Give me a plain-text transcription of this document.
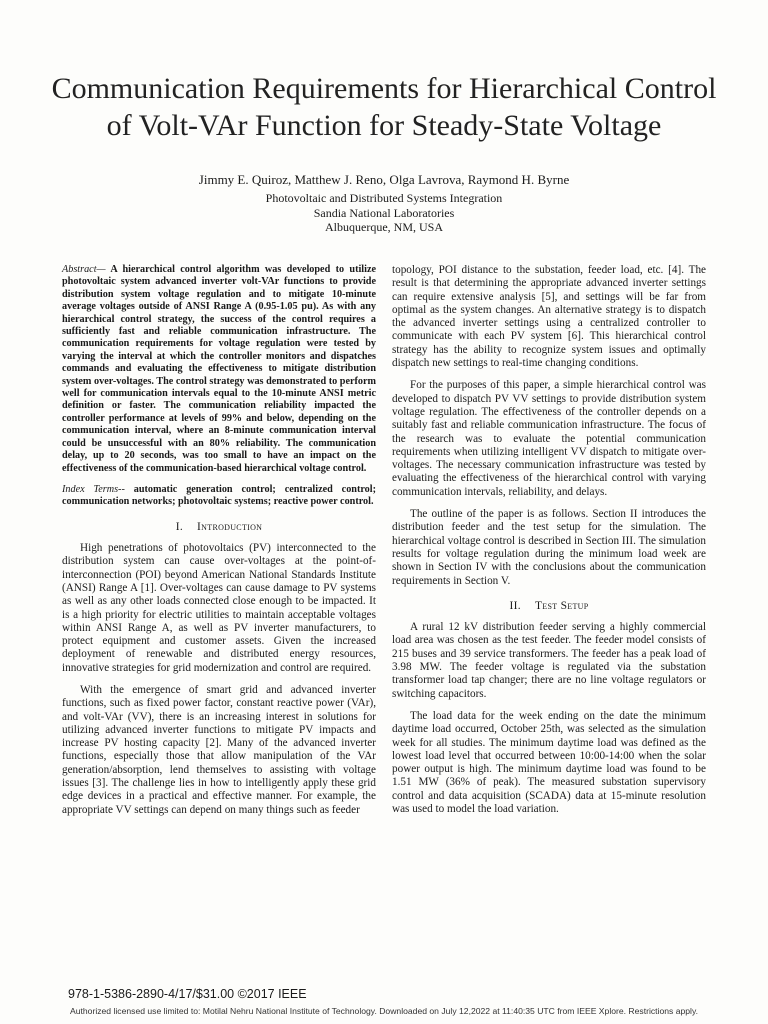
Communication Requirements for Hierarchical Control
of Volt-VAr Function for Steady-State Voltage
Jimmy E. Quiroz, Matthew J. Reno, Olga Lavrova, Raymond H. Byrne
Photovoltaic and Distributed Systems Integration
Sandia National Laboratories
Albuquerque, NM, USA

Abstract— A hierarchical control algorithm was developed to utilize photovoltaic system advanced inverter volt-VAr functions to provide distribution system voltage regulation and to mitigate 10-minute average voltages outside of ANSI Range A (0.95-1.05 pu). As with any hierarchical control strategy, the success of the control requires a sufficiently fast and reliable communication infrastructure. The communication requirements for voltage regulation were tested by varying the interval at which the controller monitors and dispatches commands and evaluating the effectiveness to mitigate distribution system over-voltages. The control strategy was demonstrated to perform well for communication intervals equal to the 10-minute ANSI metric definition or faster. The communication reliability impacted the controller performance at levels of 99% and below, depending on the communication interval, where an 8-minute communication interval could be unsuccessful with an 80% reliability. The communication delay, up to 20 seconds, was too small to have an impact on the effectiveness of the communication-based hierarchical voltage control.

Index Terms-- automatic generation control; centralized control; communication networks; photovoltaic systems; reactive power control.

I. Introduction

High penetrations of photovoltaics (PV) interconnected to the distribution system can cause over-voltages at the point-of-interconnection (POI) beyond American National Standards Institute (ANSI) Range A [1]. Over-voltages can cause damage to PV systems as well as any other loads connected close enough to be impacted. It is a high priority for electric utilities to maintain acceptable voltages within ANSI Range A, as well as PV inverter manufacturers, to protect equipment and customer assets. Given the increased deployment of renewable and distributed energy resources, innovative strategies for grid modernization and control are required.

With the emergence of smart grid and advanced inverter functions, such as fixed power factor, constant reactive power (VAr), and volt-VAr (VV), there is an increasing interest in solutions for utilizing advanced inverter functions to mitigate PV impacts and increase PV hosting capacity [2]. Many of the advanced inverter functions, especially those that allow manipulation of the VAr generation/absorption, lend themselves to assisting with voltage issues [3]. The challenge lies in how to intelligently apply these grid edge devices in a practical and effective manner. For example, the appropriate VV settings can depend on many things such as feeder

topology, POI distance to the substation, feeder load, etc. [4]. The result is that determining the appropriate advanced inverter settings can require extensive analysis [5], and settings will be far from optimal as the system changes. An alternative strategy is to dispatch the advanced inverter settings using a centralized controller to communicate with each PV system [6]. This hierarchical control strategy has the ability to recognize system issues and optimally dispatch new settings to real-time changing conditions.

For the purposes of this paper, a simple hierarchical control was developed to dispatch PV VV settings to provide distribution system voltage regulation. The effectiveness of the controller depends on a suitably fast and reliable communication infrastructure. The focus of the research was to evaluate the potential communication requirements when utilizing intelligent VV dispatch to mitigate over-voltages. The necessary communication infrastructure was tested by evaluating the effectiveness of the hierarchical control with varying communication intervals, reliability, and delays.

The outline of the paper is as follows. Section II introduces the distribution feeder and the test setup for the simulation. The hierarchical voltage control is described in Section III. The simulation results for voltage regulation during the minimum load week are shown in Section IV with the conclusions about the communication requirements in Section V.

II. Test Setup

A rural 12 kV distribution feeder serving a highly commercial load area was chosen as the test feeder. The feeder model consists of 215 buses and 39 service transformers. The feeder has a peak load of 3.98 MW. The feeder voltage is regulated via the substation transformer load tap changer; there are no line voltage regulators or switching capacitors.

The load data for the week ending on the date the minimum daytime load occurred, October 25th, was selected as the simulation week for all studies. The minimum daytime load was defined as the lowest load level that occurred between 10:00-14:00 when the solar power output is high. The minimum daytime load was found to be 1.51 MW (36% of peak). The measured substation supervisory control and data acquisition (SCADA) data at 15-minute resolution was used to model the load variation.

978-1-5386-2890-4/17/$31.00 ©2017 IEEE
Authorized licensed use limited to: Motilal Nehru National Institute of Technology. Downloaded on July 12,2022 at 11:40:35 UTC from IEEE Xplore. Restrictions apply.
